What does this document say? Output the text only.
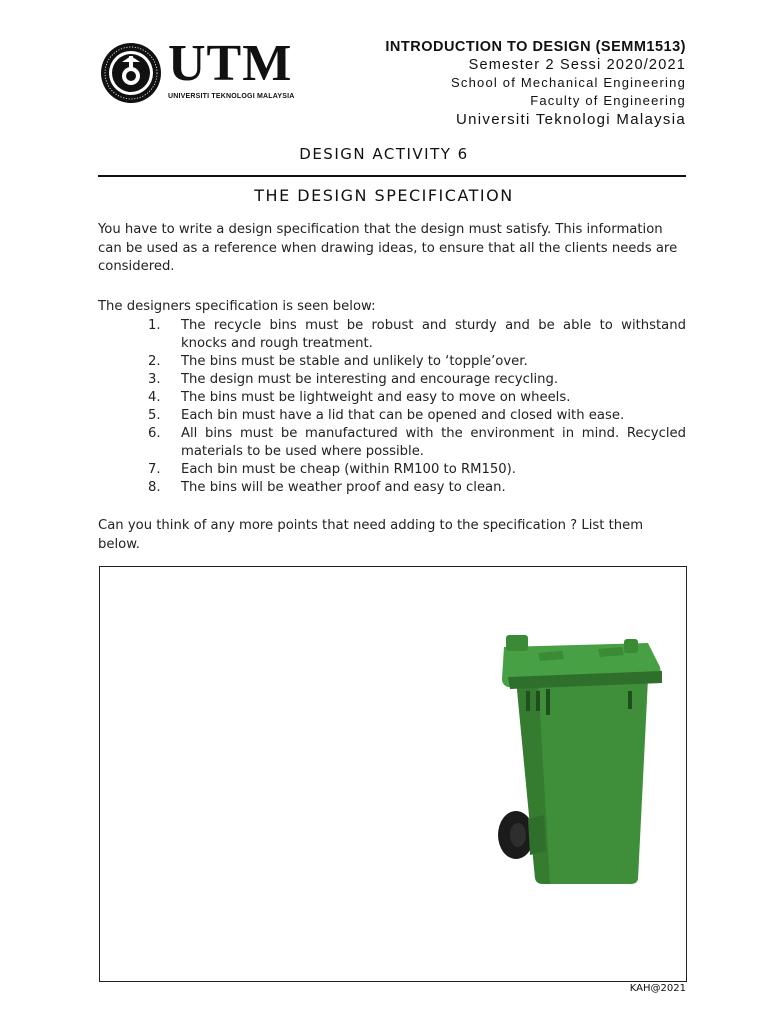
UTM
UNIVERSITI TEKNOLOGI MALAYSIA
INTRODUCTION TO DESIGN (SEMM1513)
Semester 2 Sessi 2020/2021
School of Mechanical Engineering
Faculty of Engineering
Universiti Teknologi Malaysia
DESIGN ACTIVITY 6
THE DESIGN SPECIFICATION
You have to write a design specification that the design must satisfy. This information can be used as a reference when drawing ideas, to ensure that all the clients needs are considered.
The designers specification is seen below:
1. The recycle bins must be robust and sturdy and be able to withstand knocks and rough treatment.
2. The bins must be stable and unlikely to ‘topple’over.
3. The design must be interesting and encourage recycling.
4. The bins must be lightweight and easy to move on wheels.
5. Each bin must have a lid that can be opened and closed with ease.
6. All bins must be manufactured with the environment in mind. Recycled materials to be used where possible.
7. Each bin must be cheap (within RM100 to RM150).
8. The bins will be weather proof and easy to clean.
Can you think of any more points that need adding to the specification ? List them below.
KAH@2021
